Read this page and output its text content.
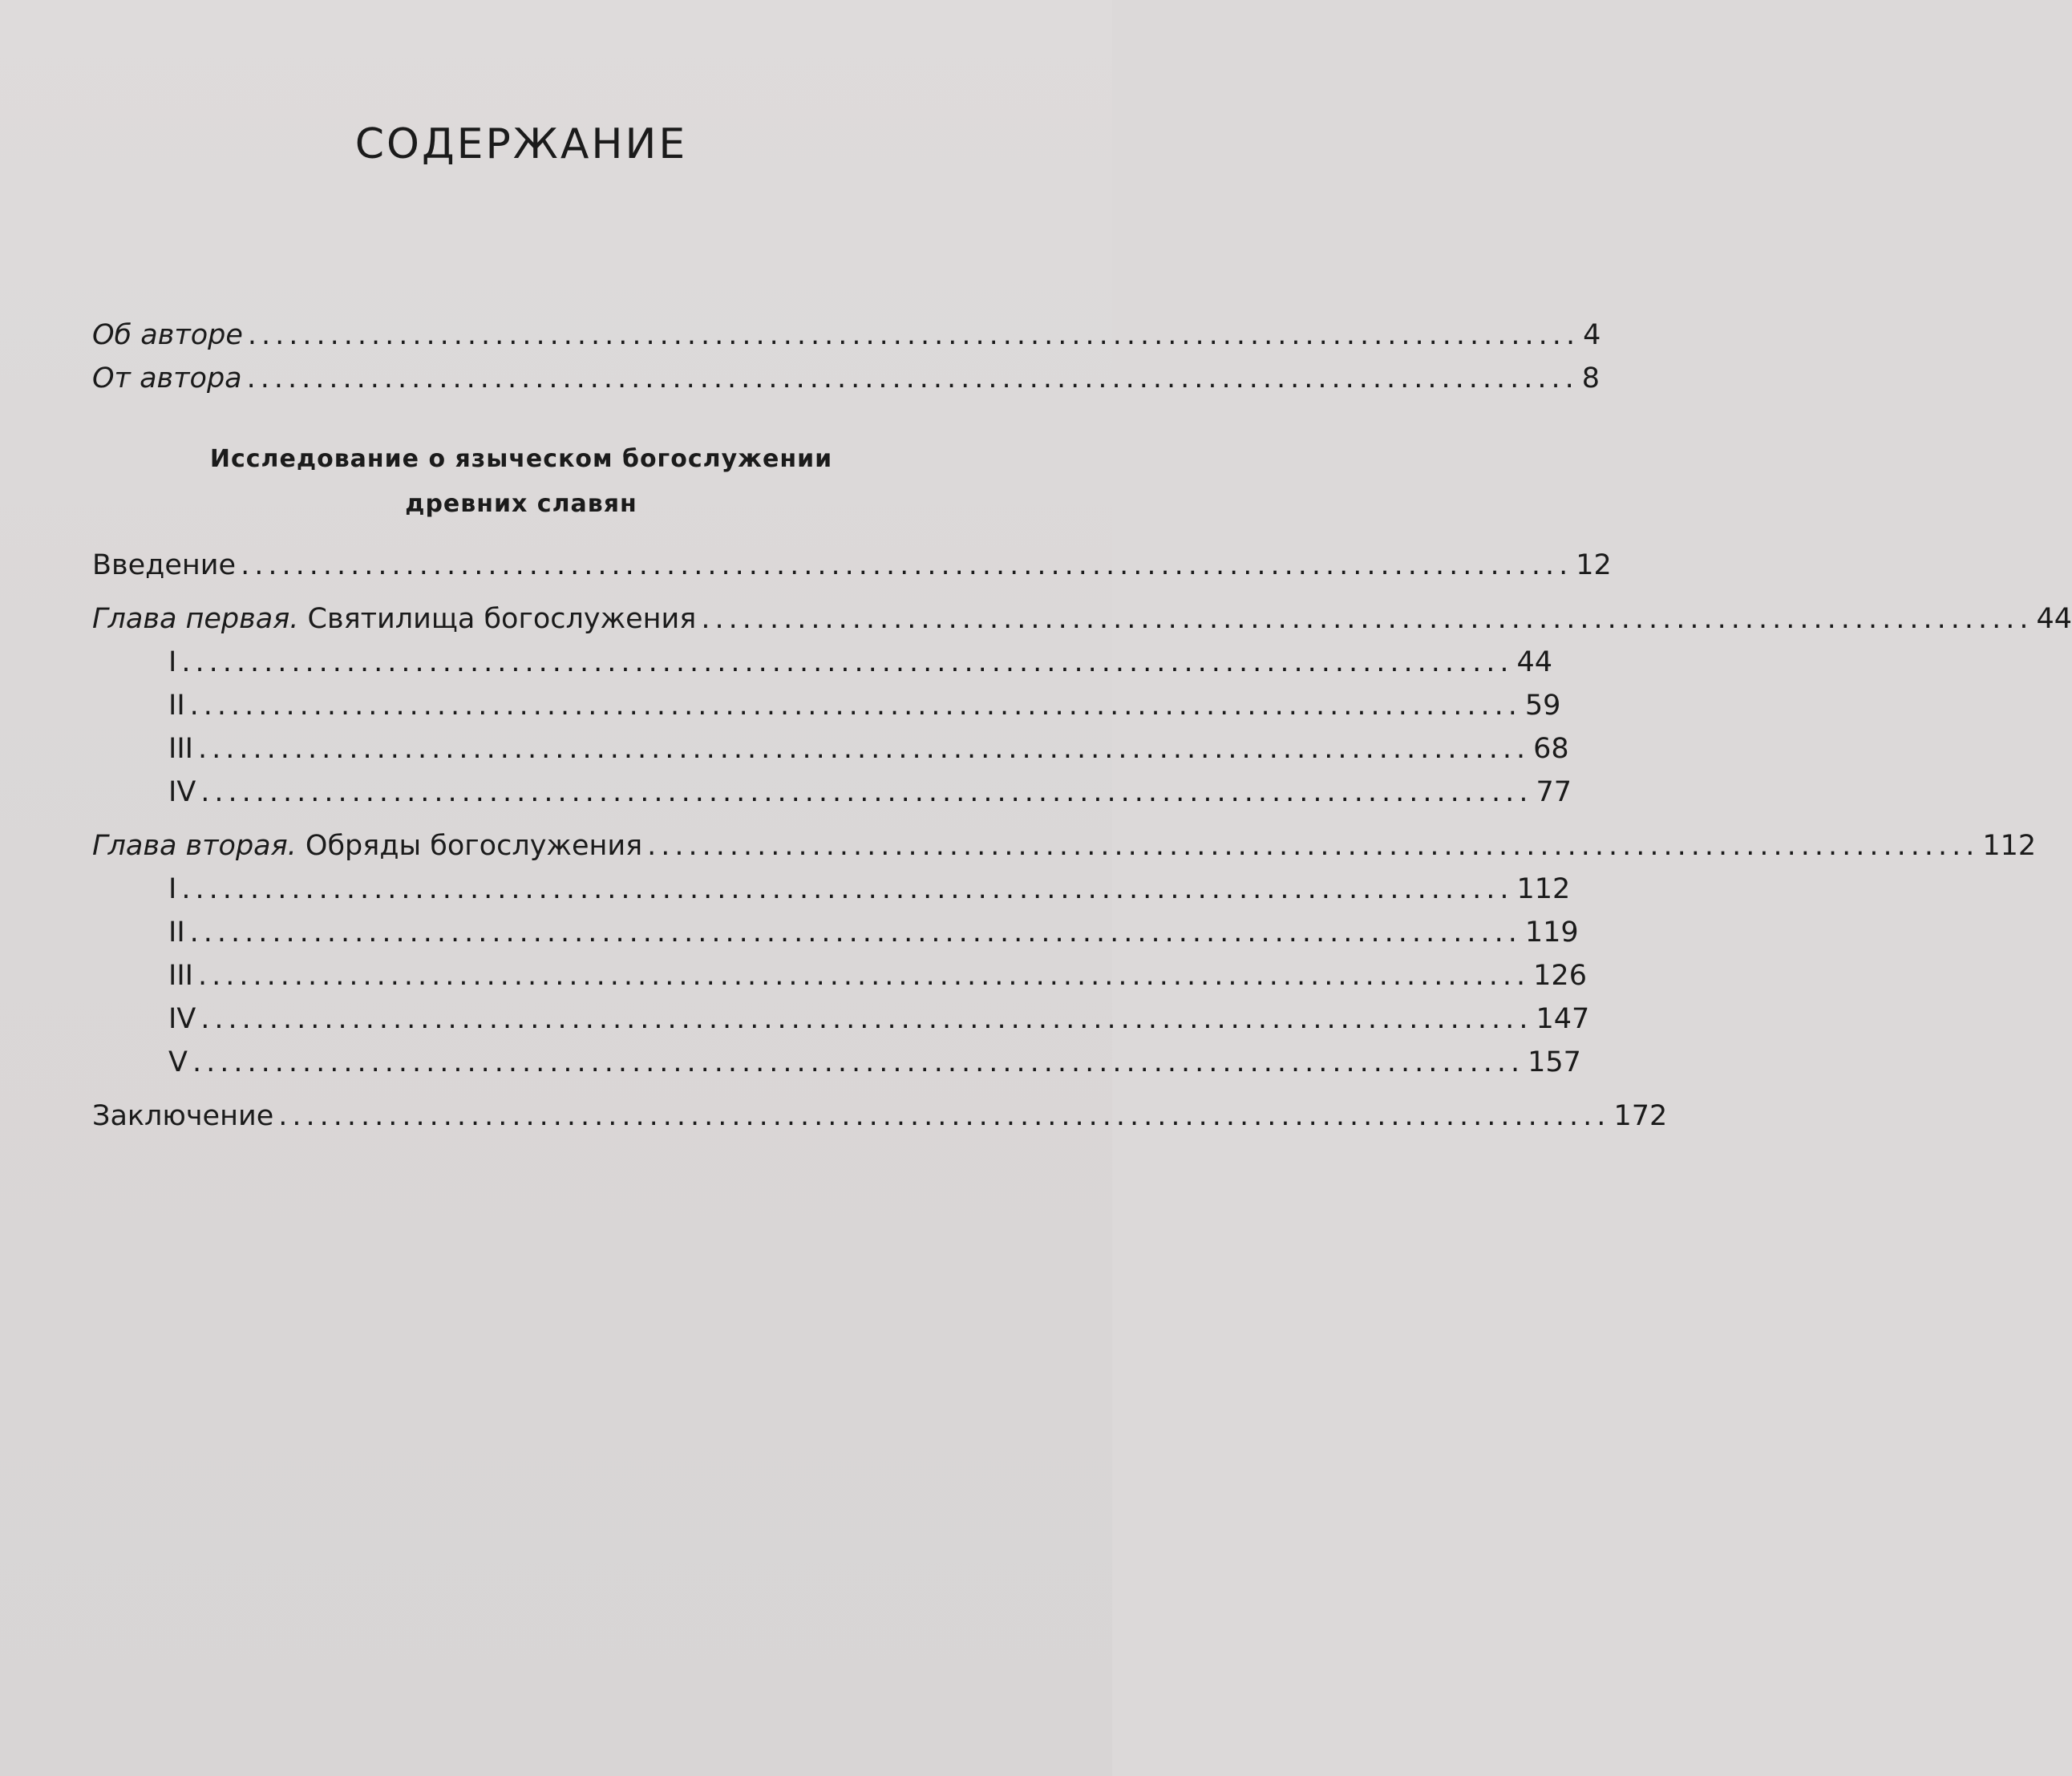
СОДЕРЖАНИЕ
Об авторе ................................................................................................. 4
От автора ................................................................................................. 8
Исследование о языческом богослужении
древних славян
Введение ................................................................................................. 12
Глава первая. Святилища богослужения ................................................................................................. 44
I ................................................................................................. 44
II ................................................................................................. 59
III ................................................................................................. 68
IV ................................................................................................. 77
Глава вторая. Обряды богослужения ................................................................................................. 112
I ................................................................................................. 112
II ................................................................................................. 119
III ................................................................................................. 126
IV ................................................................................................. 147
V ................................................................................................. 157
Заключение ................................................................................................. 172
